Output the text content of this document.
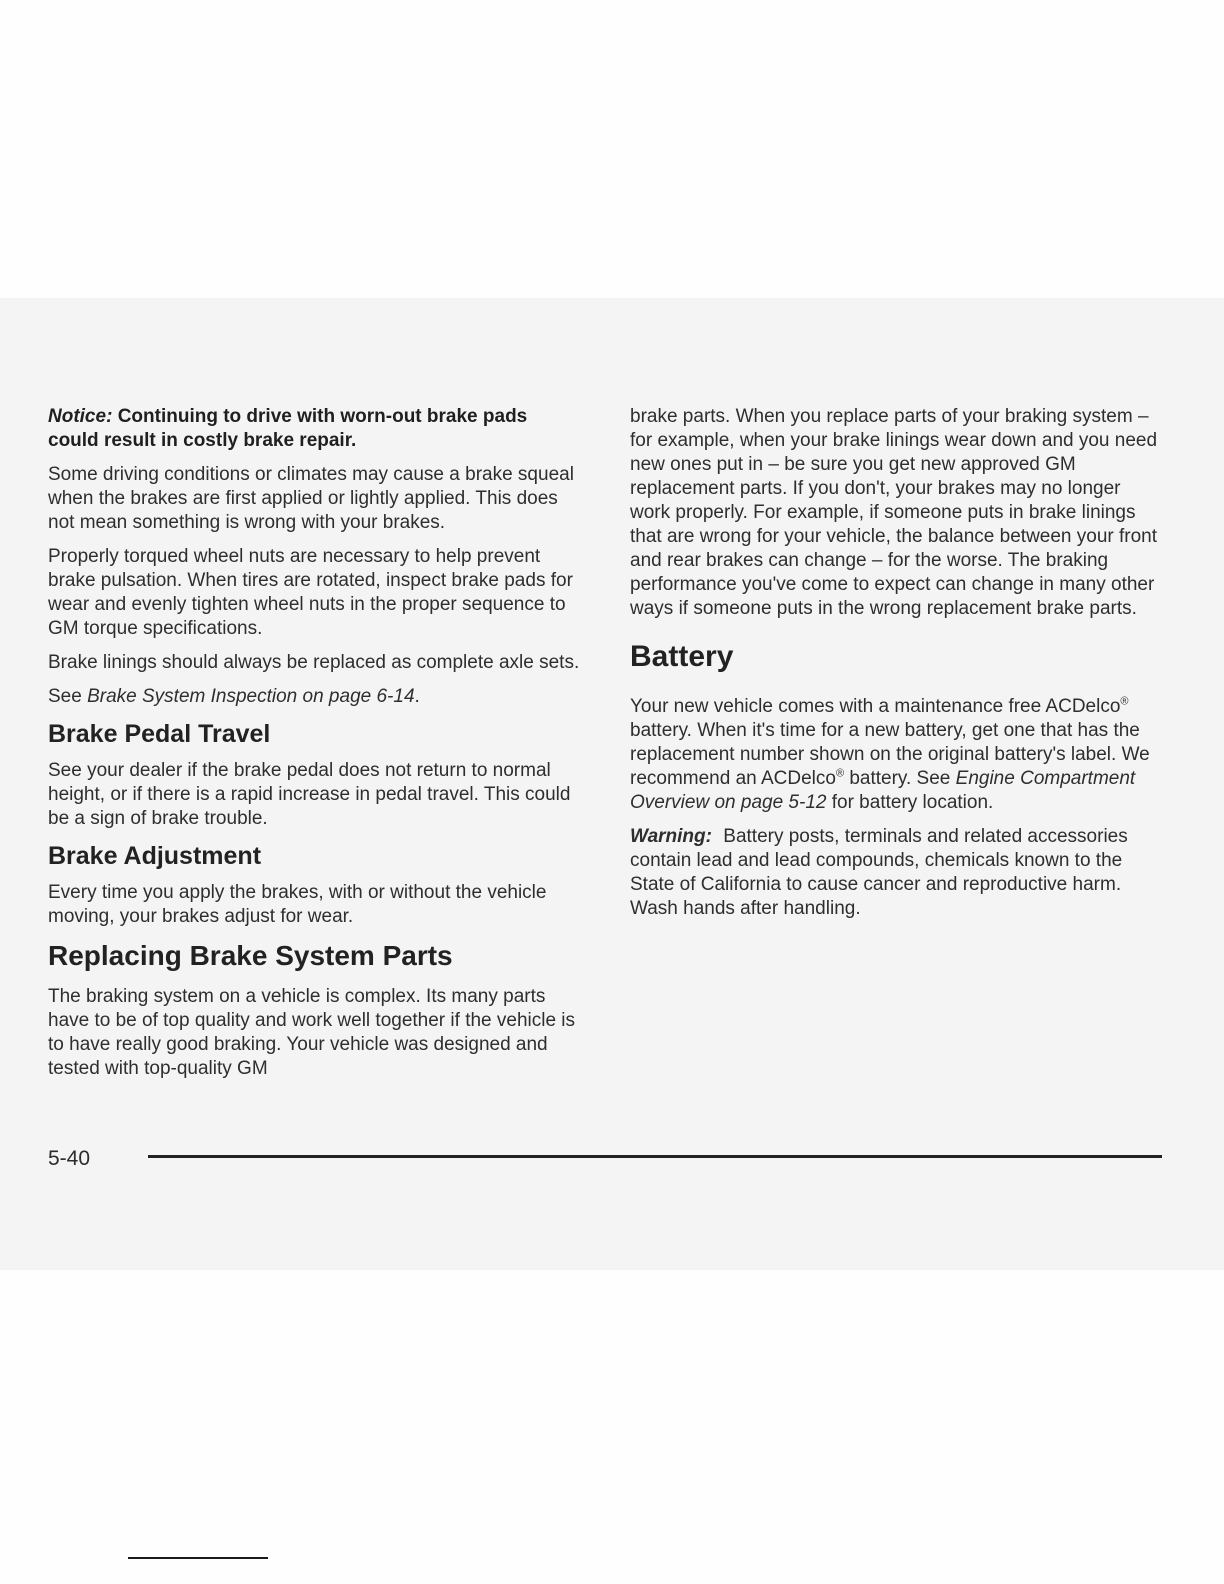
Notice: Continuing to drive with worn-out brake pads could result in costly brake repair.

Some driving conditions or climates may cause a brake squeal when the brakes are first applied or lightly applied. This does not mean something is wrong with your brakes.

Properly torqued wheel nuts are necessary to help prevent brake pulsation. When tires are rotated, inspect brake pads for wear and evenly tighten wheel nuts in the proper sequence to GM torque specifications.

Brake linings should always be replaced as complete axle sets.

See Brake System Inspection on page 6-14.

Brake Pedal Travel

See your dealer if the brake pedal does not return to normal height, or if there is a rapid increase in pedal travel. This could be a sign of brake trouble.

Brake Adjustment

Every time you apply the brakes, with or without the vehicle moving, your brakes adjust for wear.

Replacing Brake System Parts

The braking system on a vehicle is complex. Its many parts have to be of top quality and work well together if the vehicle is to have really good braking. Your vehicle was designed and tested with top-quality GM

brake parts. When you replace parts of your braking system – for example, when your brake linings wear down and you need new ones put in – be sure you get new approved GM replacement parts. If you don't, your brakes may no longer work properly. For example, if someone puts in brake linings that are wrong for your vehicle, the balance between your front and rear brakes can change – for the worse. The braking performance you've come to expect can change in many other ways if someone puts in the wrong replacement brake parts.

Battery

Your new vehicle comes with a maintenance free ACDelco® battery. When it's time for a new battery, get one that has the replacement number shown on the original battery's label. We recommend an ACDelco® battery. See Engine Compartment Overview on page 5-12 for battery location.

Warning: Battery posts, terminals and related accessories contain lead and lead compounds, chemicals known to the State of California to cause cancer and reproductive harm. Wash hands after handling.

5-40
